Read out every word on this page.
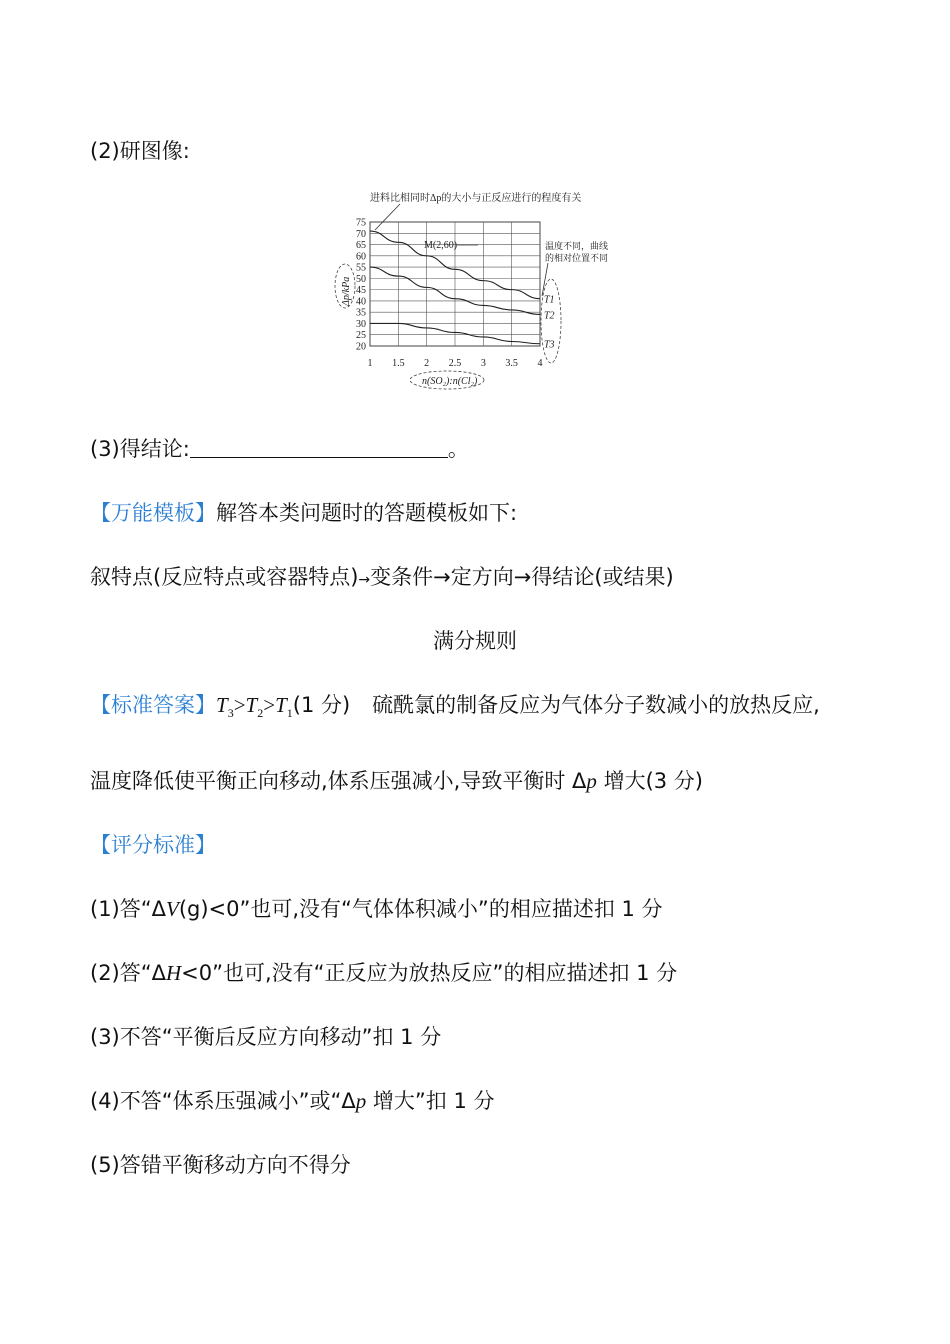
(2)研图像:
75
70
65
60
55
50
45
40
35
30
25
20
1 1.5 2 2.5 3 3.5 4
T1
T2
T3
进料比相同时Δp的大小与正反应进行的程度有关
M(2,60)	温度不同，曲线
的相对位置不同
Δp/kPa
n(SO₂):n(Cl₂)
(3)得结论:	。
【万能模板】解答本类问题时的答题模板如下:
叙特点(反应特点或容器特点)→变条件→定方向→得结论(或结果)
满分规则
【标准答案】$T_3>T_2>T_1(1$ 分) 硫酰氯的制备反应为气体分子数减小的放热反应,
温度降低使平衡正向移动,体系压强减小,导致平衡时 Δp 增大(3 分)
【评分标准】
(1)答“ΔV(g)<0”也可,没有“气体体积减小”的相应描述扣 1 分
(2)答“ΔH<0”也可,没有“正反应为放热反应”的相应描述扣 1 分
(3)不答“平衡后反应方向移动”扣 1 分
(4)不答“体系压强减小”或“Δp 增大”扣 1 分
(5)答错平衡移动方向不得分
